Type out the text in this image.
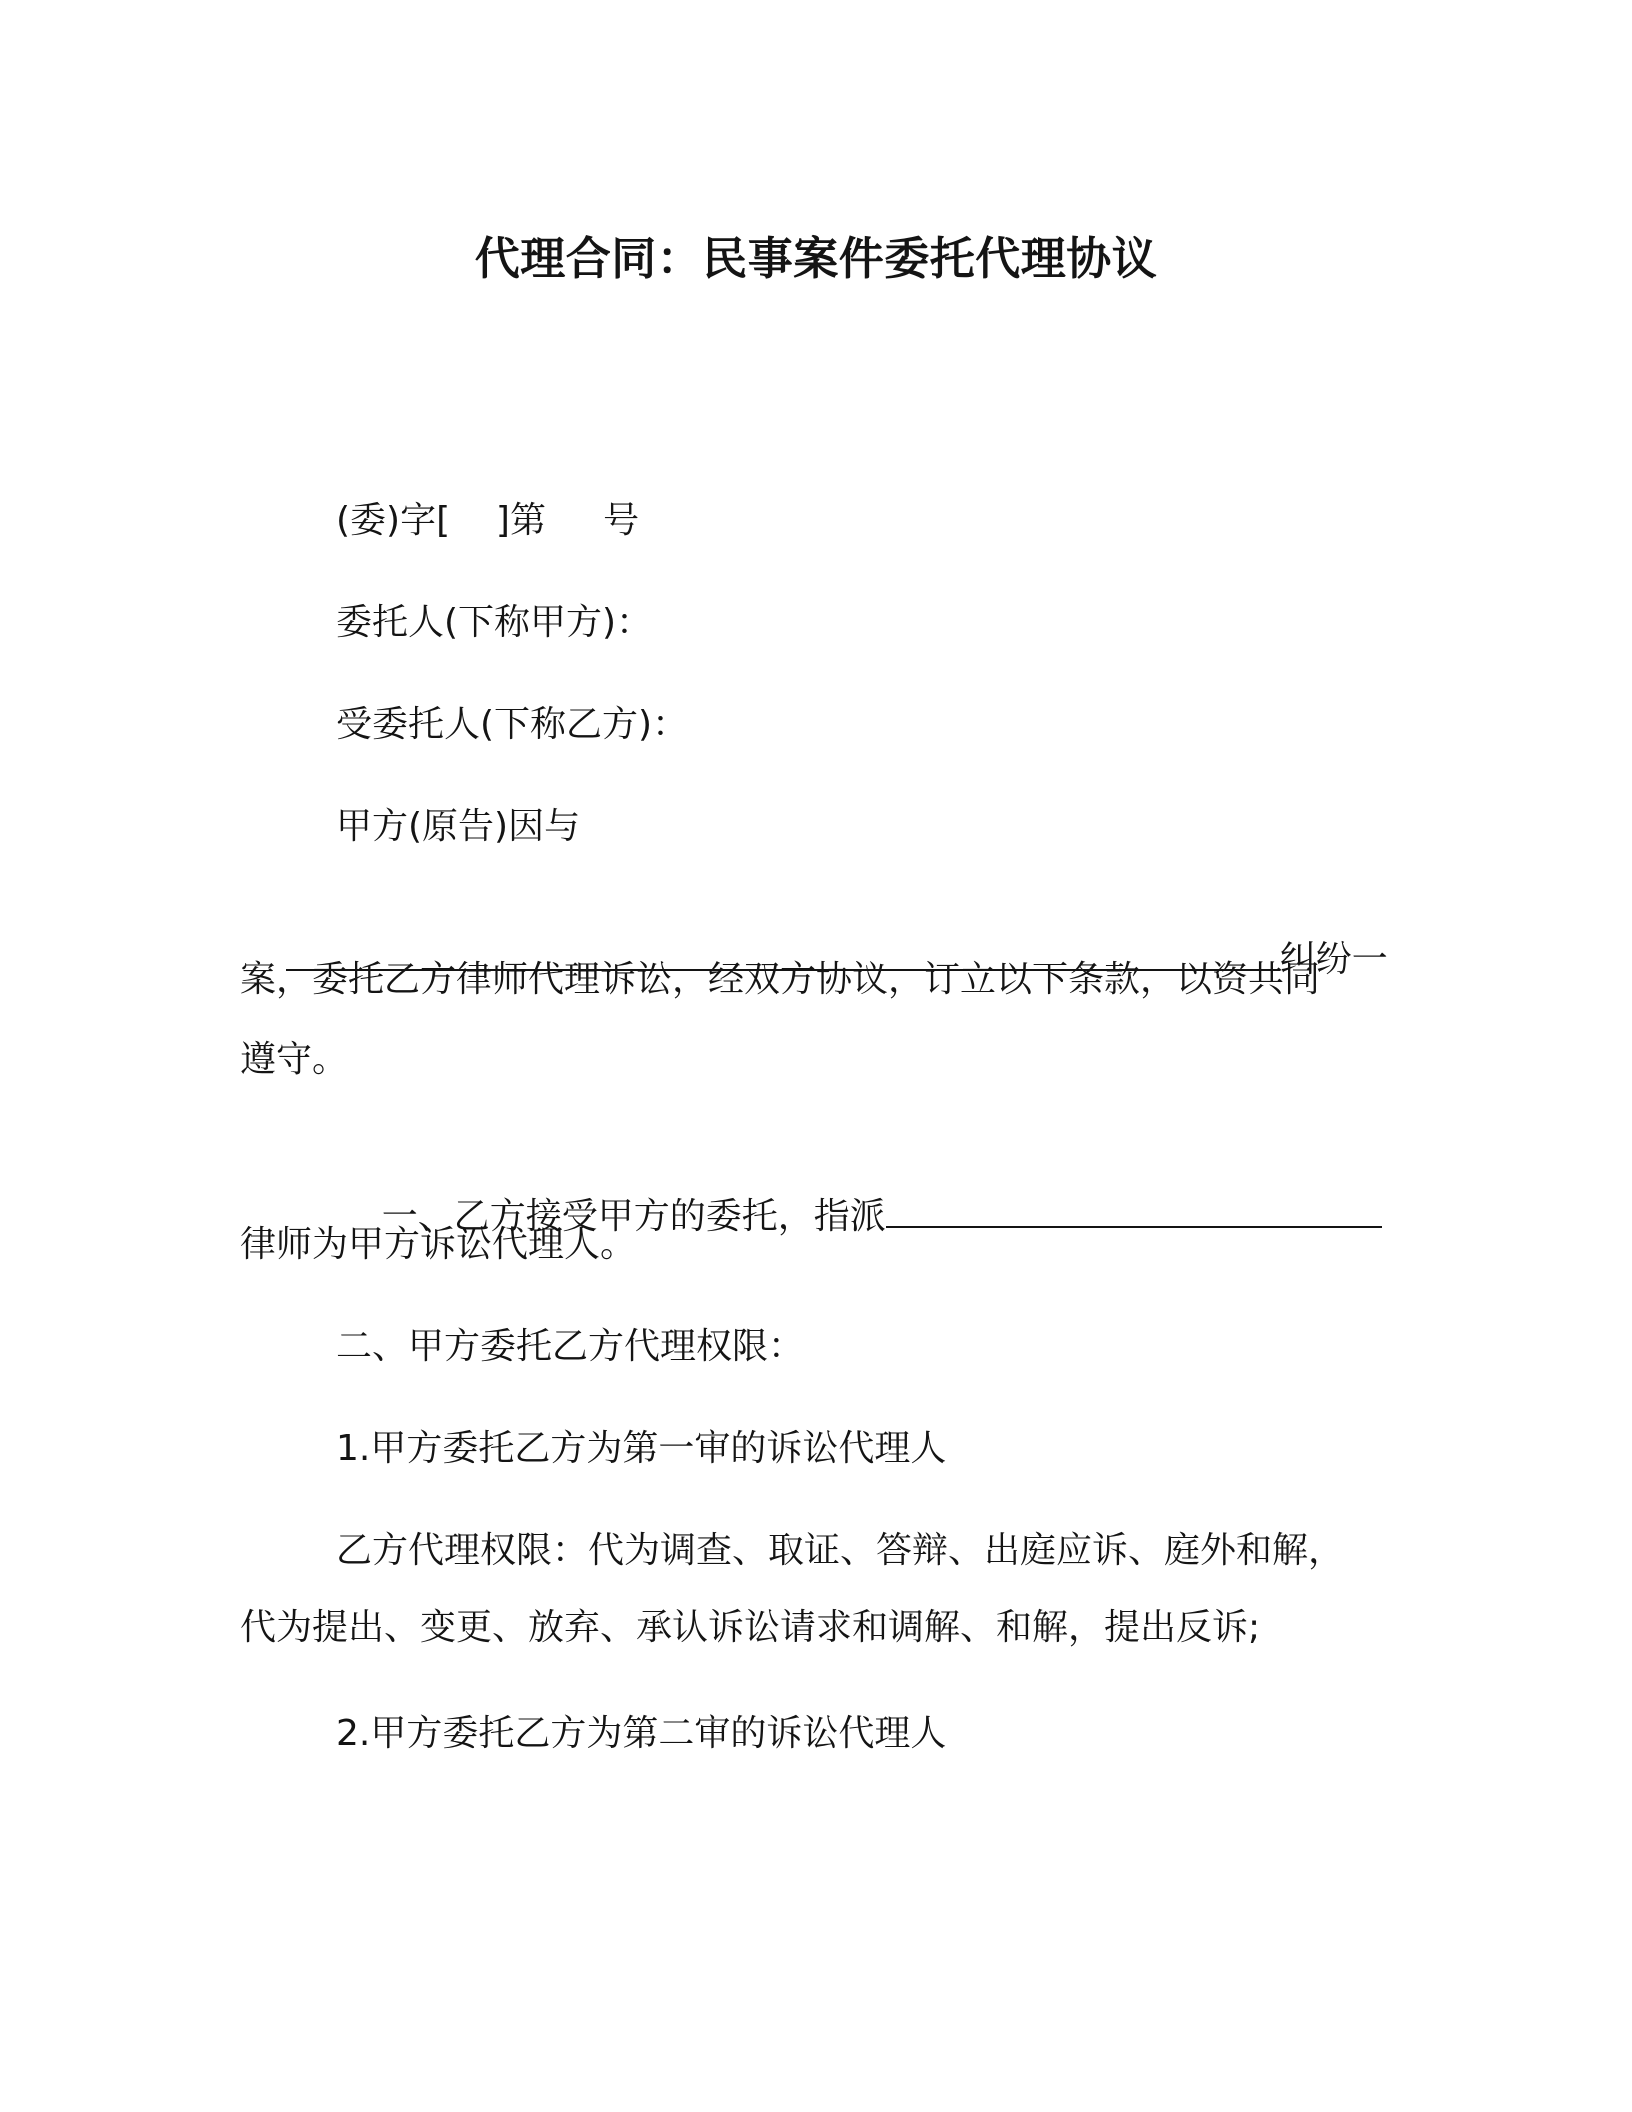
代理合同：民事案件委托代理协议
(委)字[    ]第     号
委托人(下称甲方)：
受委托人(下称乙方)：
甲方(原告)因与

纠纷一

案，委托乙方律师代理诉讼，经双方协议，订立以下条款，以资共同
遵守。

一、乙方接受甲方的委托，指派

律师为甲方诉讼代理人。
二、甲方委托乙方代理权限：
1.甲方委托乙方为第一审的诉讼代理人
乙方代理权限：代为调查、取证、答辩、出庭应诉、庭外和解，
代为提出、变更、放弃、承认诉讼请求和调解、和解，提出反诉;
2.甲方委托乙方为第二审的诉讼代理人
